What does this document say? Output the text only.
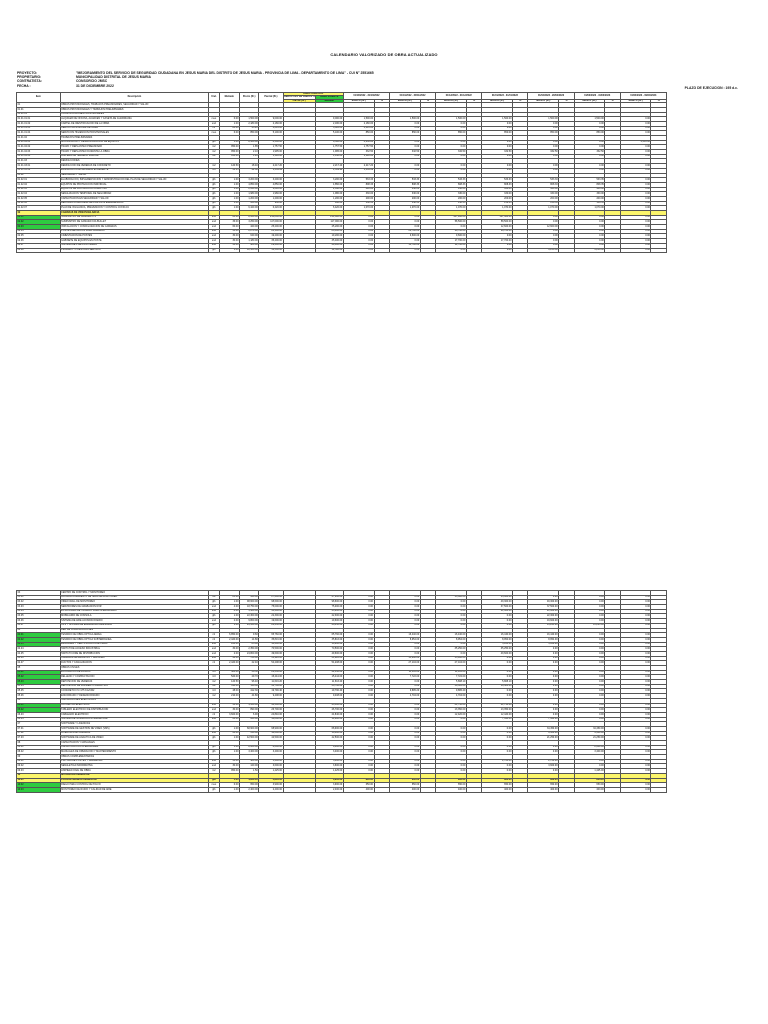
CALENDARIO VALORIZADO DE OBRA ACTUALIZADO
PROYECTO:	"MEJORAMIENTO DEL SERVICIO DE SEGURIDAD CIUDADANA EN JESUS MARIA DEL DISTRITO DE JESUS MARIA - PROVINCIA DE LIMA - DEPARTAMENTO DE LIMA" - CUI N° 2551665
PROPIETARIO:	MUNICIPALIDAD DISTRITAL DE JESUS MARIA
CONTRATISTA:	CONSORCIO JMSC
FECHA :	31 DE DICIEMBRE 2022	PLAZO DE EJECUCION : 195 d.c.
Item	Descripción	Und.	Metrado	Precio (S/.)	Parcial (S/.)	OBRA PRINCIPAL		01/10/2022 - 31/10/2022		01/11/2022 - 30/11/2022		01/12/2022 - 31/12/2022		01/01/2023 - 31/01/2023		01/02/2023 - 28/02/2023		01/03/2023 - 31/03/2023		01/04/2023 - 09/04/2023	
						DEDUCTIVO DE OBRA N°01	OBRA VIGENTE														
						Parcial (S/.)	Metrado	MONTO (S/.)	%	MONTO (S/.)	%	MONTO (S/.)	%	MONTO (S/.)	%	MONTO (S/.)	%	MONTO (S/.)	%	MONTO (S/.)	%
01	OBRAS PROVISIONALES, TRABAJOS PRELIMINARES, SEGURIDAD Y SALUD																				
01.01	OBRAS PROVISIONALES Y TRABAJOS PRELIMINARES																				
01.01.01	CONSTRUCCIONES PROVISIONALES																				
01.01.01.01	ALQUILER DE OFICINA, ALMACEN Y CASETA DE GUARDIANIA	mes	6.00	1,500.00	9,000.00		9,000.00	1,500.00		1,500.00		1,500.00		1,500.00		1,500.00		1,500.00		0.00	
01.01.01.02	CARTEL DE IDENTIFICACION DE LA OBRA	und	1.00	2,180.00	2,180.00		2,180.00	2,180.00		0.00		0.00		0.00		0.00		0.00		0.00	
01.01.01.03	CERCO PROVISIONAL DE OBRA	ml	80.00	45.20	3,616.00		3,616.00	3,616.00		0.00		0.00		0.00		0.00		0.00		0.00	
01.01.01.04	SERVICIOS HIGIENICOS PROVISIONALES	mes	6.00	850.00	5,100.00		5,100.00	850.00		850.00		850.00		850.00		850.00		850.00		0.00	
01.01.02	TRABAJOS PRELIMINARES																				
01.01.02.01	MOVILIZACION Y DESMOVILIZACION DE EQUIPOS	glb	1.00	8,500.00	8,500.00		8,500.00	4,250.00		0.00		0.00		0.00		0.00		0.00		4,250.00	
01.01.02.02	TRAZO Y REPLANTEO PRELIMINAR	m2	950.00	1.85	1,757.50		1,757.50	1,757.50		0.00		0.00		0.00		0.00		0.00		0.00	
01.01.02.03	TRAZO Y REPLANTEO DURANTE LA OBRA	m2	950.00	2.10	1,995.00		1,995.00	332.50		332.50		332.50		332.50		332.50		332.50		0.00	
01.01.02.04	LIMPIEZA DE TERRENO MANUAL	m2	950.00	1.20	1,140.00		1,140.00	1,140.00		0.00		0.00		0.00		0.00		0.00		0.00	
01.01.03	DEMOLICIONES																				
01.01.03.01	DEMOLICION DE VEREDAS DE CONCRETO	m2	120.50	18.40	2,217.20		2,217.20	2,217.20		0.00		0.00		0.00		0.00		0.00		0.00	
01.01.03.02	ELIMINACION DE MATERIAL EXCEDENTE	m3	36.15	42.60	1,539.99		1,539.99	1,539.99		0.00		0.00		0.00		0.00		0.00		0.00	
01.02	SEGURIDAD Y SALUD																				
01.02.01	ELABORACION, IMPLEMENTACION Y ADMINISTRACION DEL PLAN DE SEGURIDAD Y SALUD	glb	1.00	3,200.00	3,200.00		3,200.00	533.33		533.33		533.33		533.33		533.33		533.35		0.00	
01.02.02	EQUIPOS DE PROTECCION INDIVIDUAL	glb	1.00	4,850.00	4,850.00		4,850.00	808.33		808.33		808.33		808.33		808.33		808.35		0.00	
01.02.03	EQUIPOS DE PROTECCION COLECTIVA	glb	1.00	2,640.00	2,640.00		2,640.00	440.00		440.00		440.00		440.00		440.00		440.00		0.00	
01.02.04	SEÑALIZACION TEMPORAL DE SEGURIDAD	glb	1.00	1,980.00	1,980.00		1,980.00	330.00		330.00		330.00		330.00		330.00		330.00		0.00	
01.02.05	CAPACITACION EN SEGURIDAD Y SALUD	glb	1.00	1,200.00	1,200.00		1,200.00	200.00		200.00		200.00		200.00		200.00		200.00		0.00	
01.02.06	RECURSOS PARA RESPUESTAS ANTE EMERGENCIAS	glb	1.00	950.00	950.00		950.00	158.33		158.33		158.33		158.33		158.33		158.35		0.00	
01.02.07	PLAN DE VIGILANCIA, PREVENCION Y CONTROL COVID-19	glb	1.00	6,420.00	6,420.00		6,420.00	1,070.00		1,070.00		1,070.00		1,070.00		1,070.00		1,070.00		0.00	
02	CAMARAS DE VIDEOVIGILANCIA																				
02.01	SUMINISTRO DE CAMARA PTZ	und	24.00	8,950.00	214,800.00		214,800.00	0.00		0.00		107,400.00		107,400.00		0.00		0.00		0.00	
02.02	SUMINISTRO DE CAMARA FIJA BULLET	und	36.00	3,250.00	117,000.00		117,000.00	0.00		0.00		58,500.00		58,500.00		0.00		0.00		0.00	
02.03	INSTALACION Y CONFIGURACION DE CAMARAS	und	60.00	420.00	25,200.00		25,200.00	0.00		0.00		0.00		12,600.00		12,600.00		0.00		0.00	
02.04	POSTES METALICOS PARA CAMARAS	und	30.00	2,870.00	86,100.00		86,100.00	0.00		28,700.00		28,700.00		28,700.00		0.00		0.00		0.00	
02.05	CIMENTACION DE POSTES	und	30.00	640.00	19,200.00		19,200.00	0.00		9,600.00		9,600.00		0.00		0.00		0.00		0.00	
02.06	GABINETE DE EQUIPOS EN POSTE	und	30.00	1,180.00	35,400.00		35,400.00	0.00		0.00		17,700.00		17,700.00		0.00		0.00		0.00	
02.07	SISTEMA DE PUESTA A TIERRA	und	30.00	980.00	29,400.00		29,400.00	0.00		14,700.00		14,700.00		0.00		0.00		0.00		0.00	
02.08	PRUEBAS Y PUESTA EN SERVICIO	glb	1.00	12,500.00	12,500.00		12,500.00	0.00		0.00		0.00		0.00		6,250.00		6,250.00		0.00	
03	CENTRO DE CONTROL Y MONITOREO																				
03.01	ACONDICIONAMIENTO DE SALA DE MONITOREO	m2	85.00	320.00	27,200.00		27,200.00	0.00		0.00		13,600.00		13,600.00		0.00		0.00		0.00	
03.02	VIDEO WALL DE MONITOREO	glb	1.00	98,600.00	98,600.00		98,600.00	0.00		0.00		0.00		49,300.00		49,300.00		0.00		0.00	
03.03	SERVIDORES DE GRABACION NVR	und	4.00	18,750.00	75,000.00		75,000.00	0.00		0.00		0.00		37,500.00		37,500.00		0.00		0.00	
03.04	ESTACIONES DE TRABAJO PARA OPERADORES	und	8.00	5,400.00	43,200.00		43,200.00	0.00		0.00		0.00		21,600.00		21,600.00		0.00		0.00	
03.05	MOBILIARIO DE CONSOLA	glb	1.00	22,300.00	22,300.00		22,300.00	0.00		0.00		0.00		0.00		22,300.00		0.00		0.00	
03.06	SISTEMA DE AIRE ACONDICIONADO	und	2.00	9,800.00	19,600.00		19,600.00	0.00		0.00		0.00		0.00		19,600.00		0.00		0.00	
03.07	UPS Y SISTEMA DE ENERGIA ESTABILIZADA	glb	1.00	26,450.00	26,450.00		26,450.00	0.00		0.00		0.00		0.00		13,225.00		13,225.00		0.00	
04	RED DE COMUNICACIONES																				
04.01	TENDIDO DE FIBRA OPTICA AEREA	ml	6,850.00	9.60	65,760.00		65,760.00	0.00		16,440.00		16,440.00		16,440.00		16,440.00		0.00		0.00	
04.02	TENDIDO DE FIBRA OPTICA SUBTERRANEA	ml	2,420.00	14.80	35,816.00		35,816.00	0.00		8,954.00		8,954.00		8,954.00		8,954.00		0.00		0.00	
04.03	EMPALMES Y CERTIFICACION DE FIBRA	und	120.00	85.00	10,200.00		10,200.00	0.00		0.00		0.00		5,100.00		5,100.00		0.00		0.00	
04.04	SWITCH DE ACCESO INDUSTRIAL	und	30.00	2,350.00	70,500.00		70,500.00	0.00		0.00		35,250.00		35,250.00		0.00		0.00		0.00	
04.05	SWITCH CORE DE DISTRIBUCION	und	2.00	24,800.00	49,600.00		49,600.00	0.00		0.00		0.00		49,600.00		0.00		0.00		0.00	
04.06	CAMARAS DE REGISTRO Y BUZONES	und	42.00	760.00	31,920.00		31,920.00	0.00		15,960.00		15,960.00		0.00		0.00		0.00		0.00	
04.07	DUCTOS Y CANALIZACION	ml	2,420.00	22.40	54,208.00		54,208.00	0.00		27,104.00		27,104.00		0.00		0.00		0.00		0.00	
05	OBRAS CIVILES																				
05.01	EXCAVACION DE ZANJAS	m3	580.00	38.50	22,330.00		22,330.00	0.00		11,165.00		11,165.00		0.00		0.00		0.00		0.00	
05.02	RELLENO Y COMPACTACION	m3	520.00	29.70	15,444.00		15,444.00	0.00		7,722.00		7,722.00		0.00		0.00		0.00		0.00	
05.03	REPOSICION DE VEREDAS	m2	120.50	96.40	11,616.20		11,616.20	0.00		0.00		5,808.10		5,808.10		0.00		0.00		0.00	
05.04	REPOSICION DE PAVIMENTO ASFALTICO	m2	310.00	118.60	36,766.00		36,766.00	0.00		0.00		18,383.00		18,383.00		0.00		0.00		0.00	
05.05	CONCRETO F'C=175 KG/CM2	m3	48.00	412.30	19,790.40		19,790.40	0.00		9,895.20		9,895.20		0.00		0.00		0.00		0.00	
05.06	ENCOFRADO Y DESENCOFRADO	m2	210.00	44.80	9,408.00		9,408.00	0.00		4,704.00		4,704.00		0.00		0.00		0.00		0.00	
06	INSTALACIONES ELECTRICAS																				
06.01	ACOMETIDA ELECTRICA	und	30.00	1,450.00	43,500.00		43,500.00	0.00		0.00		21,750.00		21,750.00		0.00		0.00		0.00	
06.02	TABLERO ELECTRICO DE DISTRIBUCION	und	30.00	890.00	26,700.00		26,700.00	0.00		0.00		13,350.00		13,350.00		0.00		0.00		0.00	
06.03	CABLEADO ELECTRICO	ml	3,600.00	6.90	24,840.00		24,840.00	0.00		0.00		12,420.00		12,420.00		0.00		0.00		0.00	
06.04	SISTEMA DE ILUMINACION PERIMETRAL	und	24.00	620.00	14,880.00		14,880.00	0.00		0.00		0.00		7,440.00		7,440.00		0.00		0.00	
07	SOFTWARE Y LICENCIAS																				
07.01	SOFTWARE DE GESTION DE VIDEO (VMS)	glb	1.00	68,900.00	68,900.00		68,900.00	0.00		0.00		0.00		0.00		34,450.00		34,450.00		0.00	
07.02	LICENCIAS DE CAMARAS	und	60.00	310.00	18,600.00		18,600.00	0.00		0.00		0.00		0.00		9,300.00		9,300.00		0.00	
07.03	SOFTWARE DE ANALITICA DE VIDEO	glb	1.00	42,500.00	42,500.00		42,500.00	0.00		0.00		0.00		0.00		21,250.00		21,250.00		0.00	
08	CAPACITACION Y MANUALES																				
08.01	CAPACITACION A OPERADORES	glb	1.00	8,600.00	8,600.00		8,600.00	0.00		0.00		0.00		0.00		0.00		8,600.00		0.00	
08.02	MANUALES DE OPERACION Y MANTENIMIENTO	glb	1.00	3,400.00	3,400.00		3,400.00	0.00		0.00		0.00		0.00		0.00		3,400.00		0.00	
09	OBRAS COMPLEMENTARIAS																				
09.01	PINTURA DE POSTES Y GABINETES	und	30.00	180.00	5,400.00		5,400.00	0.00		0.00		0.00		2,700.00		2,700.00		0.00		0.00	
09.02	SEÑALETICA INFORMATIVA	und	30.00	120.00	3,600.00		3,600.00	0.00		0.00		0.00		0.00		3,600.00		0.00		0.00	
09.03	LIMPIEZA FINAL DE OBRA	m2	950.00	1.50	1,425.00		1,425.00	0.00		0.00		0.00		0.00		0.00		1,425.00		0.00	
10	MITIGACION AMBIENTAL																				
10.01	PLAN DE MANEJO AMBIENTAL	glb	1.00	4,800.00	4,800.00		4,800.00	800.00		800.00		800.00		800.00		800.00		800.00		0.00	
10.02	RIEGO PARA CONTROL DE POLVO	mes	6.00	650.00	3,900.00		3,900.00	650.00		650.00		650.00		650.00		650.00		650.00		0.00	
10.03	MONITOREO DE RUIDO Y CALIDAD DE AIRE	glb	1.00	2,400.00	2,400.00		2,400.00	400.00		400.00		400.00		400.00		400.00		400.00		0.00	
